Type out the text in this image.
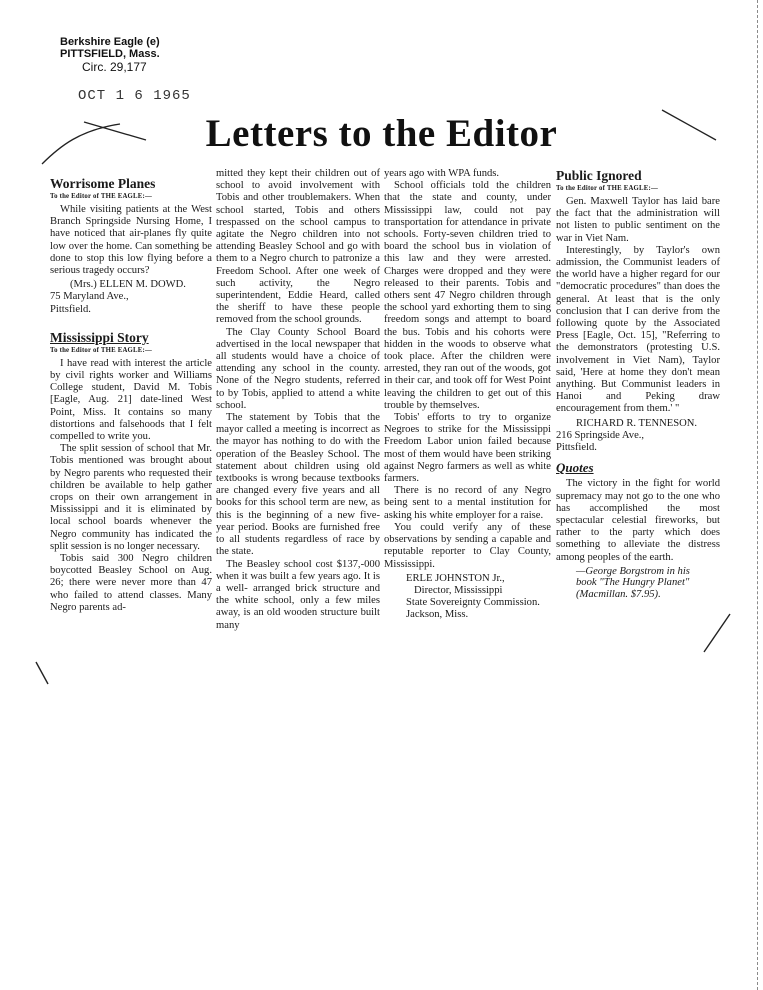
Berkshire Eagle (e)
PITTSFIELD, Mass.
Circ. 29,177
OCT 1 6 1965
Letters to the Editor
Worrisome Planes
To the Editor of THE EAGLE:—

While visiting patients at the West Branch Springside Nursing Home, I have noticed that air-planes fly quite low over the home. Can something be done to stop this low flying before a serious tragedy occurs?

(Mrs.) ELLEN M. DOWD.
75 Maryland Ave.,
Pittsfield.
Mississippi Story
To the Editor of THE EAGLE:—

I have read with interest the article by civil rights worker and Williams College student, David M. Tobis [Eagle, Aug. 21] date-lined West Point, Miss. It contains so many distortions and falsehoods that I felt compelled to write you.

The split session of school that Mr. Tobis mentioned was brought about by Negro parents who requested their children be available to help gather crops on their own arrangement in Mississippi and it is eliminated by local school boards whenever the Negro community has indicated the split session is no longer necessary.

Tobis said 300 Negro children boycotted Beasley School on Aug. 26; there were never more than 47 who failed to attend classes. Many Negro parents ad-

mitted they kept their children out of school to avoid involvement with Tobis and other troublemakers. When school started, Tobis and others trespassed on the school campus to agitate the Negro children into not attending Beasley School and go with them to a Negro church to patronize a Freedom School. After one week of such activity, the Negro superintendent, Eddie Heard, called the sheriff to have these people removed from the school grounds.

The Clay County School Board advertised in the local newspaper that all students would have a choice of attending any school in the county. None of the Negro students, referred to by Tobis, applied to attend a white school.

The statement by Tobis that the mayor called a meeting is incorrect as the mayor has nothing to do with the operation of the Beasley School. The statement about children using old textbooks is wrong because textbooks are changed every five years and all books for this school term are new, as this is the beginning of a new five-year period. Books are furnished free to all students regardless of race by the state.

The Beasley school cost $137,-000 when it was built a few years ago. It is a well- arranged brick structure and the white school, only a few miles away, is an old wooden structure built many

years ago with WPA funds.

School officials told the children that the state and county, under Mississippi law, could not pay transportation for attendance in private schools. Forty-seven children tried to board the school bus in violation of this law and they were arrested. Charges were dropped and they were released to their parents. Tobis and others sent 47 Negro children through the school yard exhorting them to sing freedom songs and attempt to board the bus. Tobis and his cohorts were hidden in the woods to observe what took place. After the children were arrested, they ran out of the woods, got in their car, and took off for West Point leaving the children to get out of this trouble by themselves.

Tobis' efforts to try to organize Negroes to strike for the Mississippi Freedom Labor union failed because most of them would have been striking against Negro farmers as well as white farmers.

There is no record of any Negro being sent to a mental institution for asking his white employer for a raise.

You could verify any of these observations by sending a capable and reputable reporter to Clay County, Mississippi.

ERLE JOHNSTON Jr.,
Director, Mississippi
State Sovereignty Commission.
Jackson, Miss.
Public Ignored
To the Editor of THE EAGLE:—

Gen. Maxwell Taylor has laid bare the fact that the administration will not listen to public sentiment on the war in Viet Nam.

Interestingly, by Taylor's own admission, the Communist leaders of the world have a higher regard for our "democratic procedures" than does the general. At least that is the only conclusion that I can derive from the following quote by the Associated Press [Eagle, Oct. 15], "Referring to the demonstrators (protesting U.S. involvement in Viet Nam), Taylor said, 'Here at home they don't mean anything. But Communist leaders in Hanoi and Peking draw encouragement from them.' "

RICHARD R. TENNESON.
216 Springside Ave.,
Pittsfield.
Quotes

The victory in the fight for world supremacy may not go to the one who has accomplished the most spectacular celestial fireworks, but rather to the party which does something to alleviate the distress among peoples of the earth.

—George Borgstrom in his
book "The Hungry Planet"
(Macmillan. $7.95).
